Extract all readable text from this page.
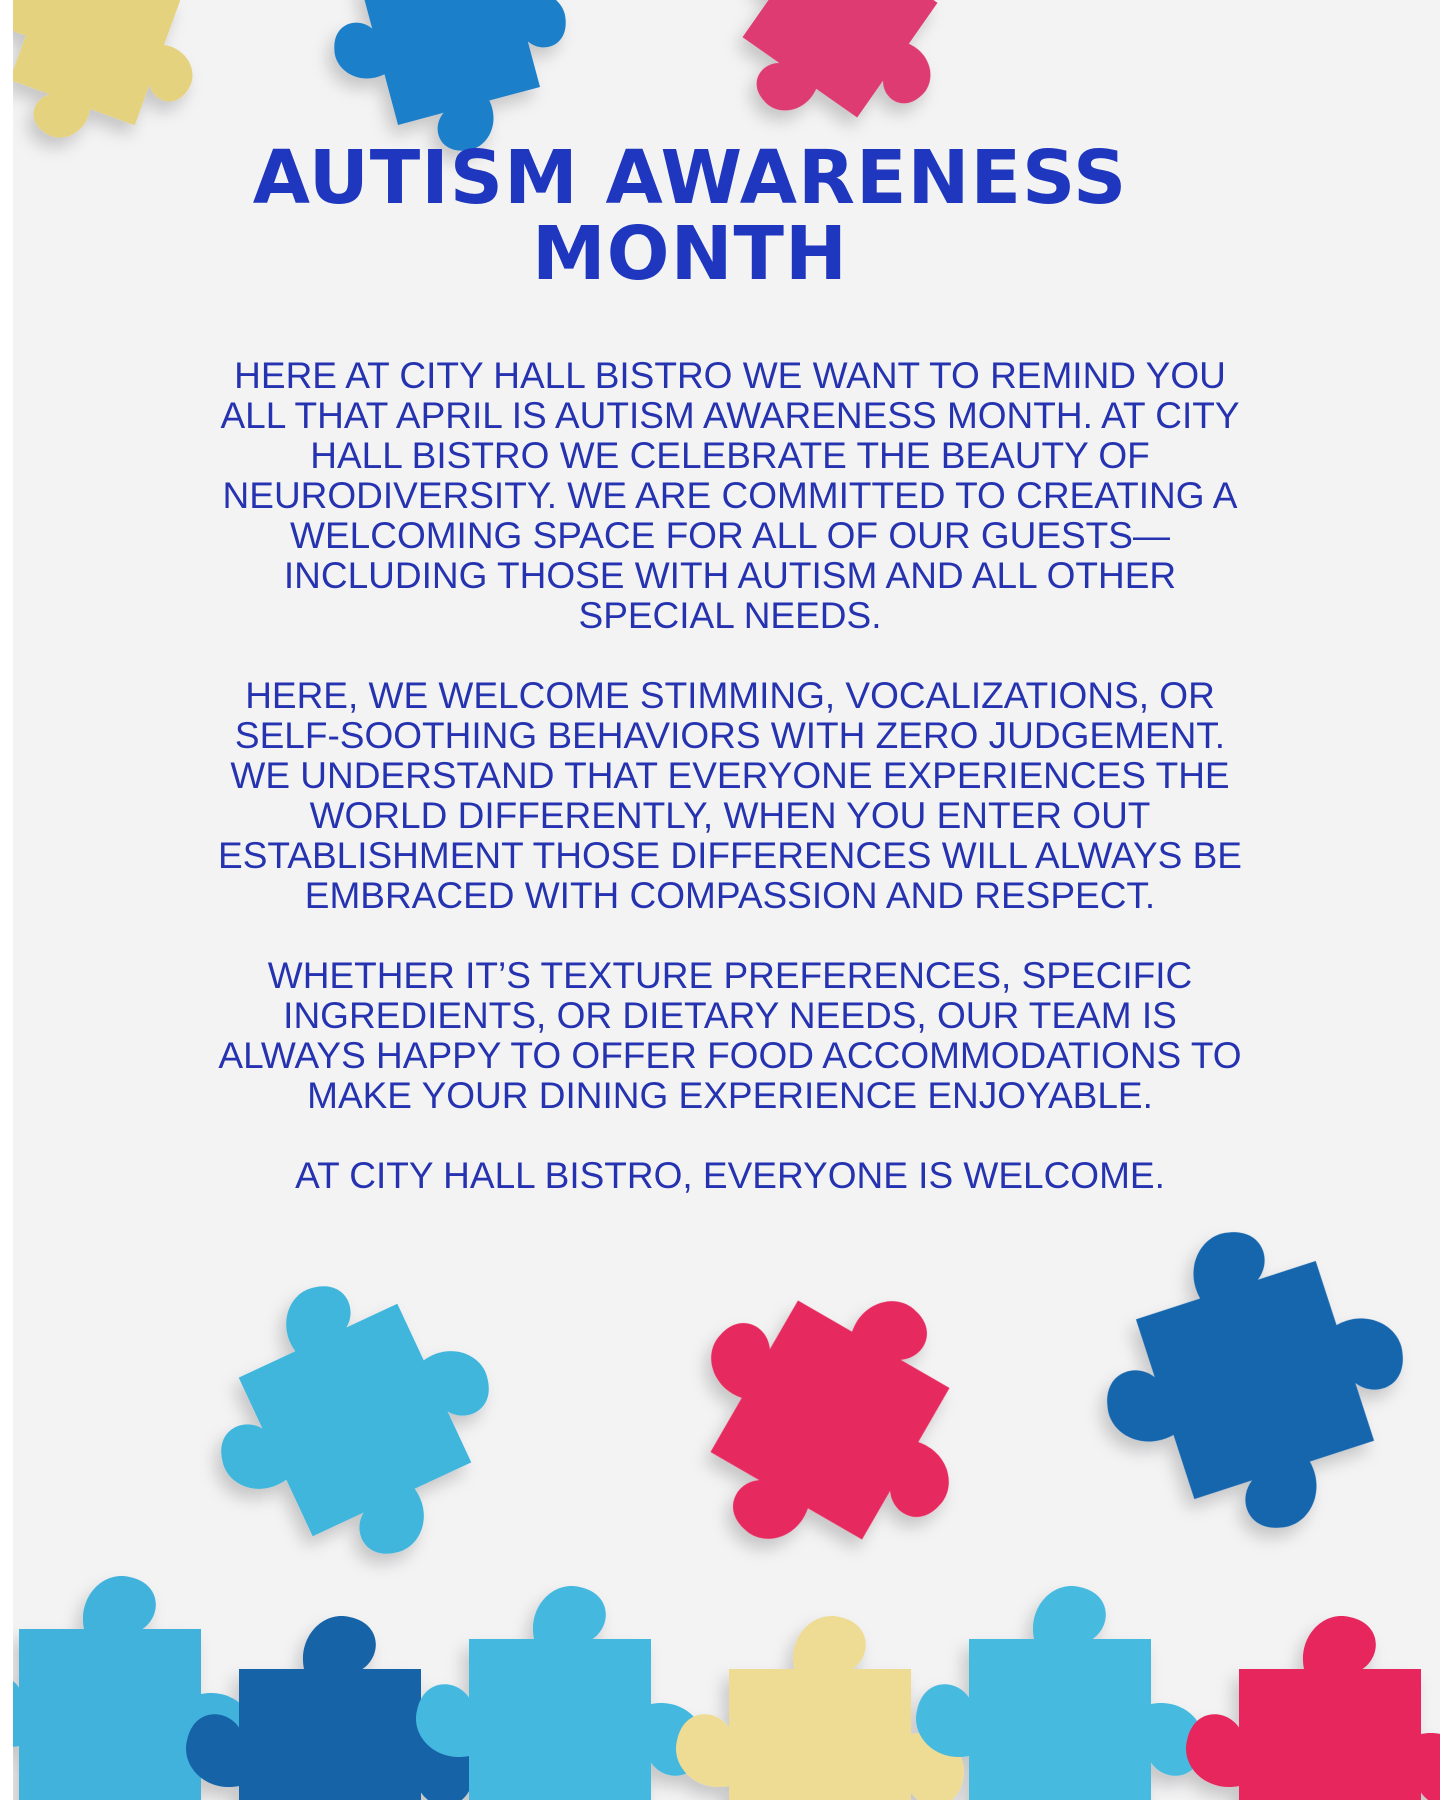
AUTISM AWARENESS MONTH

HERE AT CITY HALL BISTRO WE WANT TO REMIND YOU ALL THAT APRIL IS AUTISM AWARENESS MONTH. AT CITY HALL BISTRO WE CELEBRATE THE BEAUTY OF NEURODIVERSITY. WE ARE COMMITTED TO CREATING A WELCOMING SPACE FOR ALL OF OUR GUESTS—INCLUDING THOSE WITH AUTISM AND ALL OTHER SPECIAL NEEDS.

HERE, WE WELCOME STIMMING, VOCALIZATIONS, OR SELF-SOOTHING BEHAVIORS WITH ZERO JUDGEMENT. WE UNDERSTAND THAT EVERYONE EXPERIENCES THE WORLD DIFFERENTLY, WHEN YOU ENTER OUT ESTABLISHMENT THOSE DIFFERENCES WILL ALWAYS BE EMBRACED WITH COMPASSION AND RESPECT.

WHETHER IT’S TEXTURE PREFERENCES, SPECIFIC INGREDIENTS, OR DIETARY NEEDS, OUR TEAM IS ALWAYS HAPPY TO OFFER FOOD ACCOMMODATIONS TO MAKE YOUR DINING EXPERIENCE ENJOYABLE.

AT CITY HALL BISTRO, EVERYONE IS WELCOME.
